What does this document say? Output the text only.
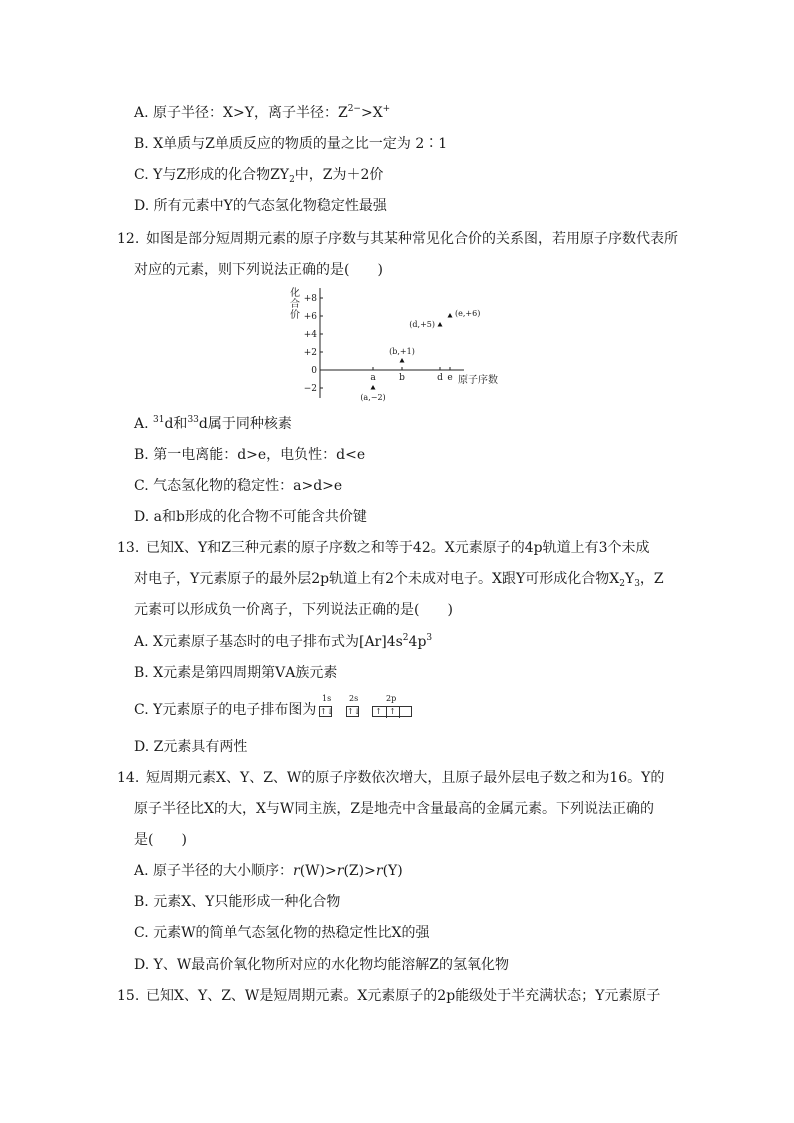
A. 原子半径：X>Y，离子半径：$Z^{2-}>X^+$
B. X单质与Z单质反应的物质的量之比一定为 2∶1
C. Y与Z形成的化合物$ZY_2$中，Z为＋2价
D. 所有元素中Y的气态氢化物稳定性最强
12. 如图是部分短周期元素的原子序数与其某种常见化合价的关系图，若用原子序数代表所
对应的元素，则下列说法正确的是(　　)
化
合
价
原子序数
+8
+6
+4
+2
0
−2
a	b	d e
(a,−2)
(b,+1)
(d,+5)
(e,+6)
A. $^{31}$d和$^{33}$d属于同种核素
B. 第一电离能：d>e，电负性：d<e
C. 气态氢化物的稳定性：a>d>e
D. a和b形成的化合物不可能含共价键
13. 已知X、Y和Z三种元素的原子序数之和等于42。X元素原子的4p轨道上有3个未成
对电子，Y元素原子的最外层2p轨道上有2个未成对电子。X跟Y可形成化合物$X_2Y_3$，Z
元素可以形成负一价离子，下列说法正确的是(　　)
A. X元素原子基态时的电子排布式为$[Ar]4s^24p^3$
B. X元素是第四周期第ⅤA族元素
C. Y元素原子的电子排布图为
1s 2s	2p
↑↓ ↑↓ ↑ ↑
D. Z元素具有两性
14. 短周期元素X、Y、Z、W的原子序数依次增大，且原子最外层电子数之和为16。Y的
原子半径比X的大，X与W同主族，Z是地壳中含量最高的金属元素。下列说法正确的
是(　　)
A. 原子半径的大小顺序：r(W)>r(Z)>r(Y)
B. 元素X、Y只能形成一种化合物
C. 元素W的简单气态氢化物的热稳定性比X的强
D. Y、W最高价氧化物所对应的水化物均能溶解Z的氢氧化物
15. 已知X、Y、Z、W是短周期元素。X元素原子的2p能级处于半充满状态；Y元素原子
